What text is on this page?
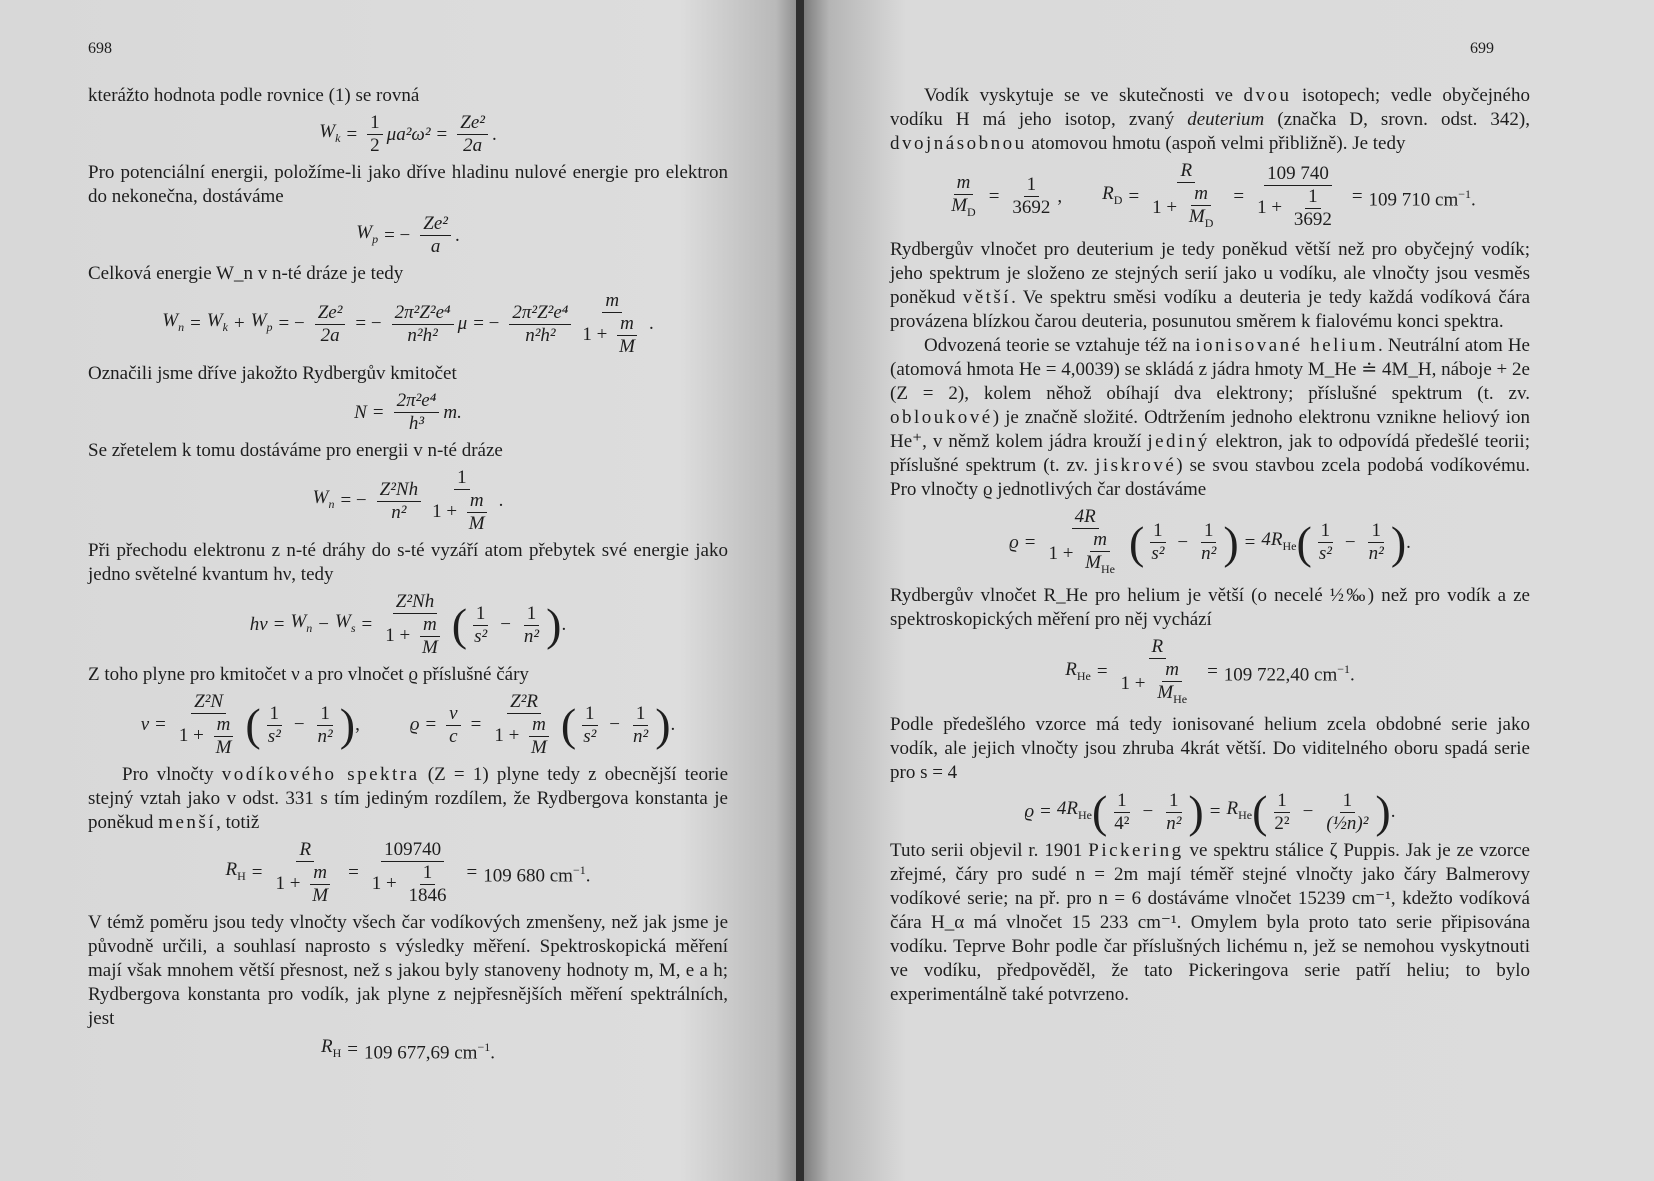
698

kterážto hodnota podle rovnice (1) se rovná

$W_k = \frac{1}{2} \mu a^2\omega^2 = \frac{\text{Ze²}}{2a}$ .

Pro potenciální energii, položíme-li jako dříve hladinu nulové energie pro elektron do nekonečna, dostáváme

$W_p$ = − $\frac{\text{Ze²}}{a}$ .

Celková energie W_n v n-té dráze je tedy

$W_n = W_k + W_p$ = − $\frac{\text{Ze²}}{2a}$ = − $\frac{\text{2π²Z²e⁴}}{\text{n²h²}}$ μ = − $\frac{\text{2π²Z²e⁴}}{\text{n²h²}} \frac{m}{1 + \frac{m}{M}}$ .

Označili jsme dříve jakožto Rydbergův kmitočet

$N = \frac{\text{2π²e⁴}}{\text{h³}} m$.

Se zřetelem k tomu dostáváme pro energii v n-té dráze

$W_n$ = − $\frac{\text{Z²Nh}}{\text{n²}} \frac{1}{1 + \frac{m}{M}}$ .

Při přechodu elektronu z n-té dráhy do s-té vyzáří atom přebytek své energie jako jedno světelné kvantum hν, tedy

$h\nu = W_n - W_s = \frac{\text{Z²Nh}}{1 + \frac{m}{M}}$ ( $\frac{1}{\text{s²}} - \frac{1}{\text{n²}}$ ) .

Z toho plyne pro kmitočet ν a pro vlnočet ϱ příslušné čáry

$\nu = \frac{\text{Z²N}}{1 + \frac{m}{M}}$ ( $\frac{1}{\text{s²}} - \frac{1}{\text{n²}}$ ) ,	$ϱ = \frac{\nu}{c} = \frac{\text{Z²R}}{1 + \frac{m}{M}}$ ( $\frac{1}{\text{s²}} - \frac{1}{\text{n²}}$ ) .

Pro vlnočty vodíkového spektra (Z = 1) plyne tedy z obecnější teorie stejný vztah jako v odst. 331 s tím jediným rozdílem, že Rydbergova konstanta je poněkud menší, totiž

$R_H = \frac{R}{1 + \frac{m}{M}} = \frac{109740}{1 + \frac{1}{1846}} = 109$ 680 $cm^{-1}$.

V témž poměru jsou tedy vlnočty všech čar vodíkových zmenšeny, než jak jsme je původně určili, a souhlasí naprosto s výsledky měření. Spektroskopická měření mají však mnohem větší přesnost, než s jakou byly stanoveny hodnoty m, M, e a h; Rydbergova konstanta pro vodík, jak plyne z nejpřesnějších měření spektrálních, jest

$R_H = 109$ 677,69 $cm^{-1}$.
699

Vodík vyskytuje se ve skutečnosti ve dvou isotopech; vedle obyčejného vodíku H má jeho isotop, zvaný deuterium (značka D, srovn. odst. 342), dvojnásobnou atomovou hmotu (aspoň velmi přibližně). Je tedy

$\frac{m}{M_D} = \frac{1}{3692}$ , $R_D = \frac{R}{1 + \frac{m}{M_D}} = \frac{109 740}{1 + \frac{1}{3692}} = 109$ 710 $cm^{-1}$.

Rydbergův vlnočet pro deuterium je tedy poněkud větší než pro obyčejný vodík; jeho spektrum je složeno ze stejných serií jako u vodíku, ale vlnočty jsou vesměs poněkud větší. Ve spektru směsi vodíku a deuteria je tedy každá vodíková čára provázena blízkou čarou deuteria, posunutou směrem k fialovému konci spektra.

Odvozená teorie se vztahuje též na ionisované helium. Neutrální atom He (atomová hmota He = 4,0039) se skládá z jádra hmoty M_He ≐ 4M_H, náboje + 2e (Z = 2), kolem něhož obíhají dva elektrony; příslušné spektrum (t. zv. obloukové) je značně složité. Odtržením jednoho elektronu vznikne heliový ion He⁺, v němž kolem jádra krouží jediný elektron, jak to odpovídá předešlé teorii; příslušné spektrum (t. zv. jiskrové) se svou stavbou zcela podobá vodíkovému. Pro vlnočty ϱ jednotlivých čar dostáváme

$ϱ = \frac{4R}{1 + \frac{m}{M_{He}}}$ ( $\frac{1}{\text{s²}} - \frac{1}{\text{n²}}$ ) = $4R_{He}$ ( $\frac{1}{\text{s²}} - \frac{1}{\text{n²}}$ ) .

Rydbergův vlnočet R_He pro helium je větší (o necelé ½‰) než pro vodík a ze spektroskopických měření pro něj vychází

$R_{He} = \frac{R}{1 + \frac{m}{M_{He}}} = 109$ 722,40 $cm^{-1}$.

Podle předešlého vzorce má tedy ionisované helium zcela obdobné serie jako vodík, ale jejich vlnočty jsou zhruba 4krát větší. Do viditelného oboru spadá serie pro s = 4

$ϱ = 4R_{He}$ ( $\frac{1}{\text{4²}} - \frac{1}{\text{n²}}$ ) = $R_{He}$ ( $\frac{1}{\text{2²}} - \frac{1}{\text{(½n)²}}$ ) .

Tuto serii objevil r. 1901 Pickering ve spektru stálice ζ Puppis. Jak je ze vzorce zřejmé, čáry pro sudé n = 2m mají téměř stejné vlnočty jako čáry Balmerovy vodíkové serie; na př. pro n = 6 dostáváme vlnočet 15239 cm⁻¹, kdežto vodíková čára H_α má vlnočet 15 233 cm⁻¹. Omylem byla proto tato serie připisována vodíku. Teprve Bohr podle čar příslušných lichému n, jež se nemohou vyskytnouti ve vodíku, předpověděl, že tato Pickeringova serie patří heliu; to bylo experimentálně také potvrzeno.
